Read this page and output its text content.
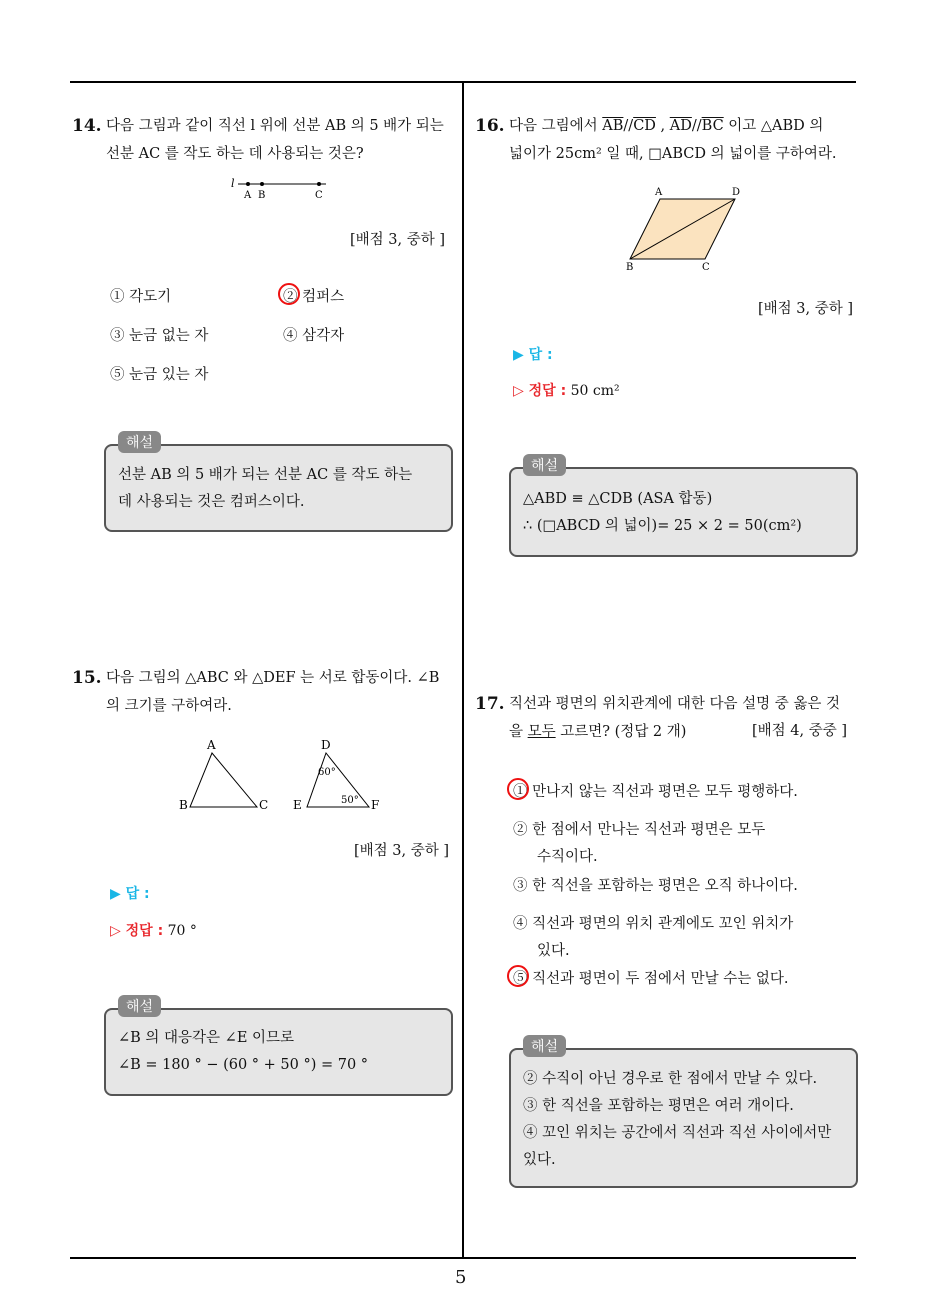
5
14. 다음 그림과 같이 직선 l 위에 선분 AB 의 5 배가 되는 선분 AC 를 작도 하는 데 사용되는 것은?
l
A B	C
[배점 3, 중하 ]
① 각도기	② 컴퍼스
③ 눈금 없는 자	④ 삼각자
⑤ 눈금 있는 자
해설
선분 AB 의 5 배가 되는 선분 AC 를 작도 하는
데 사용되는 것은 컴퍼스이다.
15. 다음 그림의 △ABC 와 △DEF 는 서로 합동이다. ∠B 의 크기를 구하여라.
A
B	C
D
E	F
60°
50°
[배점 3, 중하 ]
▶ 답 :
▷ 정답 : 70 °
해설
∠B 의 대응각은 ∠E 이므로
∠B = 180 ° − (60 ° + 50 °) = 70 °
16. 다음 그림에서 $\overline{AB}//\overline{CD}$ , $\overline{AD}//\overline{BC}$ 이고 △ABD 의
넓이가 25cm² 일 때, □ABCD 의 넓이를 구하여라.
A	D
B	C
[배점 3, 중하 ]
▶ 답 :
▷ 정답 : 50 cm²
해설
△ABD ≡ △CDB (ASA 합동)
∴ (□ABCD 의 넓이)= 25 × 2 = 50(cm²)
17. 직선과 평면의 위치관계에 대한 다음 설명 중 옳은 것
을 모두 고르면? (정답 2 개)	[배점 4, 중중 ]
① 만나지 않는 직선과 평면은 모두 평행하다.
② 한 점에서 만나는 직선과 평면은 모두
수직이다.
③ 한 직선을 포함하는 평면은 오직 하나이다.
④ 직선과 평면의 위치 관계에도 꼬인 위치가
있다.
⑤ 직선과 평면이 두 점에서 만날 수는 없다.
해설
② 수직이 아닌 경우로 한 점에서 만날 수 있다.
③ 한 직선을 포함하는 평면은 여러 개이다.
④ 꼬인 위치는 공간에서 직선과 직선 사이에서만
있다.
